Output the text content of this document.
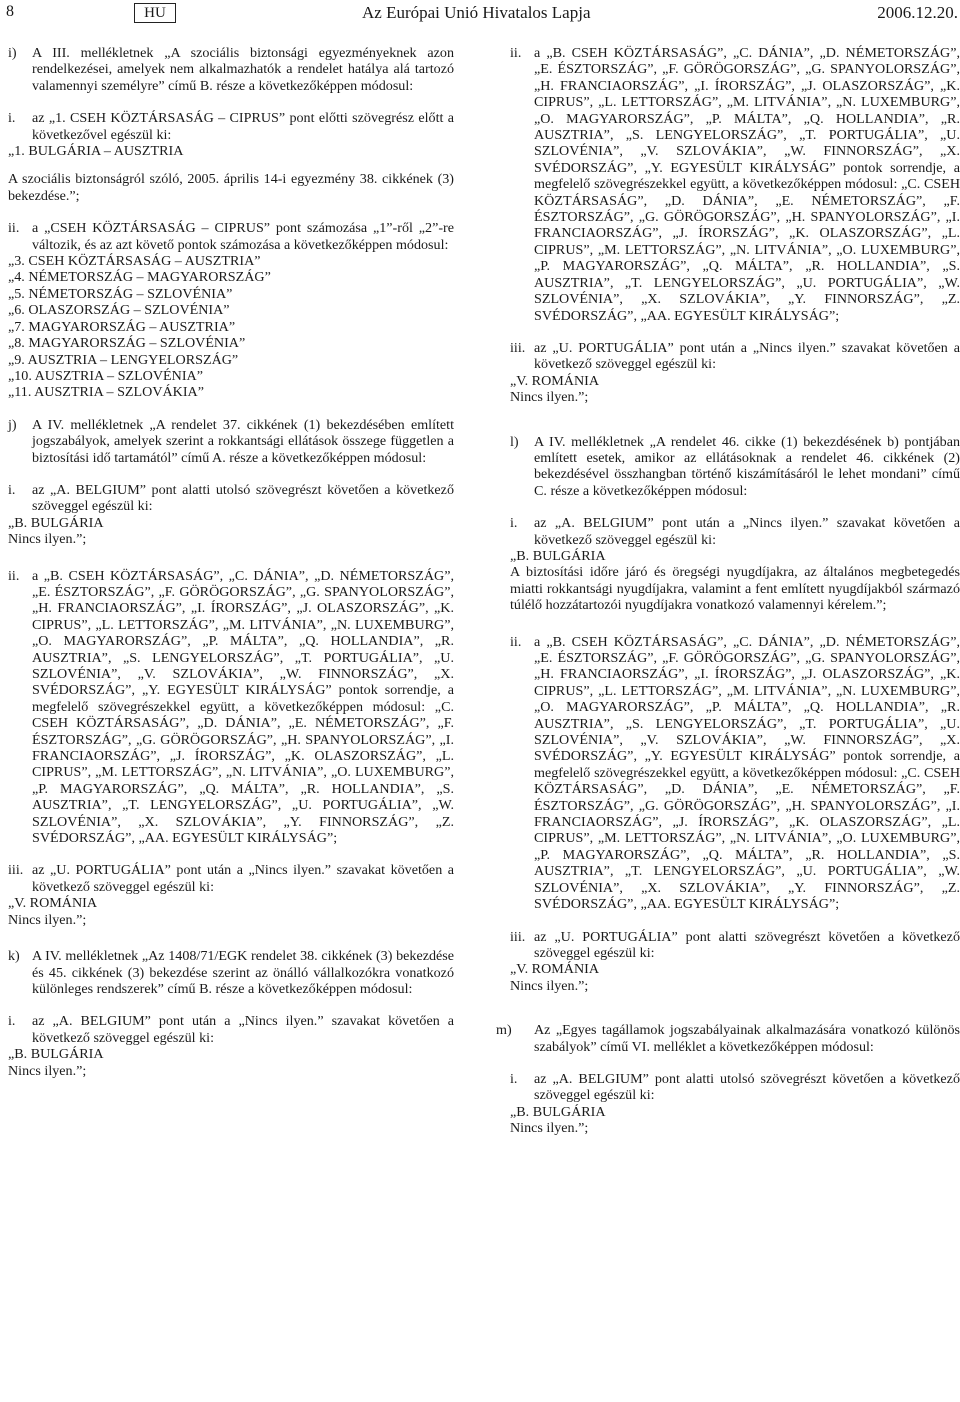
8	HU	Az Európai Unió Hivatalos Lapja	2006.12.20.
i)	A III. mellékletnek „A szociális biztonsági egyezményeknek azon rendelkezései, amelyek nem alkalmazhatók a rendelet hatálya alá tartozó valamennyi személyre” című B. része a következőképpen módosul:
i.	az „1. CSEH KÖZTÁRSASÁG – CIPRUS” pont előtti szövegrész előtt a következővel egészül ki:

„1. BULGÁRIA – AUSZTRIA

A szociális biztonságról szóló, 2005. április 14-i egyezmény 38. cikkének (3) bekezdése.”;

ii. a „CSEH KÖZTÁRSASÁG – CIPRUS” pont számozása „1”-ről „2”-re változik, és az azt követő pontok számozása a következőképpen módosul:

„3. CSEH KÖZTÁRSASÁG – AUSZTRIA”

„4. NÉMETORSZÁG – MAGYARORSZÁG”

„5. NÉMETORSZÁG – SZLOVÉNIA”

„6. OLASZORSZÁG – SZLOVÉNIA”

„7. MAGYARORSZÁG – AUSZTRIA”

„8. MAGYARORSZÁG – SZLOVÉNIA”

„9. AUSZTRIA – LENGYELORSZÁG”

„10. AUSZTRIA – SZLOVÉNIA”

„11. AUSZTRIA – SZLOVÁKIA”

j)	A IV. mellékletnek „A rendelet 37. cikkének (1) bekezdésében említett jogszabályok, amelyek szerint a rokkantsági ellátások összege független a biztosítási idő tartamától” című A. része a következőképpen módosul:
i.	az „A. BELGIUM” pont alatti utolsó szövegrészt követően a következő szöveggel egészül ki:

„B. BULGÁRIA

Nincs ilyen.”;

ii. a „B. CSEH KÖZTÁRSASÁG”, „C. DÁNIA”, „D. NÉMETORSZÁG”, „E. ÉSZTORSZÁG”, „F. GÖRÖGORSZÁG”, „G. SPANYOLORSZÁG”, „H. FRANCIAORSZÁG”, „I. ÍRORSZÁG”, „J. OLASZORSZÁG”, „K. CIPRUS”, „L. LETTORSZÁG”, „M. LITVÁNIA”, „N. LUXEMBURG”, „O. MAGYARORSZÁG”, „P. MÁLTA”, „Q. HOLLANDIA”, „R. AUSZTRIA”, „S. LENGYELORSZÁG”, „T. PORTUGÁLIA”, „U. SZLOVÉNIA”, „V. SZLOVÁKIA”, „W. FINNORSZÁG”, „X. SVÉDORSZÁG”, „Y. EGYESÜLT KIRÁLYSÁG” pontok sorrendje, a megfelelő szövegrészekkel együtt, a következőképpen módosul: „C. CSEH KÖZTÁRSASÁG”, „D. DÁNIA”, „E. NÉMETORSZÁG”, „F. ÉSZTORSZÁG”, „G. GÖRÖGORSZÁG”, „H. SPANYOLORSZÁG”, „I. FRANCIAORSZÁG”, „J. ÍRORSZÁG”, „K. OLASZORSZÁG”, „L. CIPRUS”, „M. LETTORSZÁG”, „N. LITVÁNIA”, „O. LUXEMBURG”, „P. MAGYARORSZÁG”, „Q. MÁLTA”, „R. HOLLANDIA”, „S. AUSZTRIA”, „T. LENGYELORSZÁG”, „U. PORTUGÁLIA”, „W. SZLOVÉNIA”, „X. SZLOVÁKIA”, „Y. FINNORSZÁG”, „Z. SVÉDORSZÁG”, „AA. EGYESÜLT KIRÁLYSÁG”;
iii. az „U. PORTUGÁLIA” pont után a „Nincs ilyen.” szavakat követően a következő szöveggel egészül ki:

„V. ROMÁNIA

Nincs ilyen.”;

k) A IV. mellékletnek „Az 1408/71/EGK rendelet 38. cikkének (3) bekezdése és 45. cikkének (3) bekezdése szerint az önálló vállalkozókra vonatkozó különleges rendszerek” című B. része a következőképpen módosul:
i.	az „A. BELGIUM” pont után a „Nincs ilyen.” szavakat követően a következő szöveggel egészül ki:

„B. BULGÁRIA

Nincs ilyen.”;

ii. a „B. CSEH KÖZTÁRSASÁG”, „C. DÁNIA”, „D. NÉMETORSZÁG”, „E. ÉSZTORSZÁG”, „F. GÖRÖGORSZÁG”, „G. SPANYOLORSZÁG”, „H. FRANCIAORSZÁG”, „I. ÍRORSZÁG”, „J. OLASZORSZÁG”, „K. CIPRUS”, „L. LETTORSZÁG”, „M. LITVÁNIA”, „N. LUXEMBURG”, „O. MAGYARORSZÁG”, „P. MÁLTA”, „Q. HOLLANDIA”, „R. AUSZTRIA”, „S. LENGYELORSZÁG”, „T. PORTUGÁLIA”, „U. SZLOVÉNIA”, „V. SZLOVÁKIA”, „W. FINNORSZÁG”, „X. SVÉDORSZÁG”, „Y. EGYESÜLT KIRÁLYSÁG” pontok sorrendje, a megfelelő szövegrészekkel együtt, a következőképpen módosul: „C. CSEH KÖZTÁRSASÁG”, „D. DÁNIA”, „E. NÉMETORSZÁG”, „F. ÉSZTORSZÁG”, „G. GÖRÖGORSZÁG”, „H. SPANYOLORSZÁG”, „I. FRANCIAORSZÁG”, „J. ÍRORSZÁG”, „K. OLASZORSZÁG”, „L. CIPRUS”, „M. LETTORSZÁG”, „N. LITVÁNIA”, „O. LUXEMBURG”, „P. MAGYARORSZÁG”, „Q. MÁLTA”, „R. HOLLANDIA”, „S. AUSZTRIA”, „T. LENGYELORSZÁG”, „U. PORTUGÁLIA”, „W. SZLOVÉNIA”, „X. SZLOVÁKIA”, „Y. FINNORSZÁG”, „Z. SVÉDORSZÁG”, „AA. EGYESÜLT KIRÁLYSÁG”;
iii. az „U. PORTUGÁLIA” pont után a „Nincs ilyen.” szavakat követően a következő szöveggel egészül ki:

„V. ROMÁNIA

Nincs ilyen.”;

l)	A IV. mellékletnek „A rendelet 46. cikke (1) bekezdésének b) pontjában említett esetek, amikor az ellátásoknak a rendelet 46. cikkének (2) bekezdésével összhangban történő kiszámításáról le lehet mondani” című C. része a következőképpen módosul:
i.	az „A. BELGIUM” pont után a „Nincs ilyen.” szavakat követően a következő szöveggel egészül ki:

„B. BULGÁRIA

A biztosítási időre járó és öregségi nyugdíjakra, az általános megbetegedés miatti rokkantsági nyugdíjakra, valamint a fent említett nyugdíjakból származó túlélő hozzátartozói nyugdíjakra vonatkozó valamennyi kérelem.”;

ii. a „B. CSEH KÖZTÁRSASÁG”, „C. DÁNIA”, „D. NÉMETORSZÁG”, „E. ÉSZTORSZÁG”, „F. GÖRÖGORSZÁG”, „G. SPANYOLORSZÁG”, „H. FRANCIAORSZÁG”, „I. ÍRORSZÁG”, „J. OLASZORSZÁG”, „K. CIPRUS”, „L. LETTORSZÁG”, „M. LITVÁNIA”, „N. LUXEMBURG”, „O. MAGYARORSZÁG”, „P. MÁLTA”, „Q. HOLLANDIA”, „R. AUSZTRIA”, „S. LENGYELORSZÁG”, „T. PORTUGÁLIA”, „U. SZLOVÉNIA”, „V. SZLOVÁKIA”, „W. FINNORSZÁG”, „X. SVÉDORSZÁG”, „Y. EGYESÜLT KIRÁLYSÁG” pontok sorrendje, a megfelelő szövegrészekkel együtt, a következőképpen módosul: „C. CSEH KÖZTÁRSASÁG”, „D. DÁNIA”, „E. NÉMETORSZÁG”, „F. ÉSZTORSZÁG”, „G. GÖRÖGORSZÁG”, „H. SPANYOLORSZÁG”, „I. FRANCIAORSZÁG”, „J. ÍRORSZÁG”, „K. OLASZORSZÁG”, „L. CIPRUS”, „M. LETTORSZÁG”, „N. LITVÁNIA”, „O. LUXEMBURG”, „P. MAGYARORSZÁG”, „Q. MÁLTA”, „R. HOLLANDIA”, „S. AUSZTRIA”, „T. LENGYELORSZÁG”, „U. PORTUGÁLIA”, „W. SZLOVÉNIA”, „X. SZLOVÁKIA”, „Y. FINNORSZÁG”, „Z. SVÉDORSZÁG”, „AA. EGYESÜLT KIRÁLYSÁG”;
iii. az „U. PORTUGÁLIA” pont alatti szövegrészt követően a következő szöveggel egészül ki:

„V. ROMÁNIA

Nincs ilyen.”;

m)	Az „Egyes tagállamok jogszabályainak alkalmazására vonatkozó különös szabályok” című VI. melléklet a következőképpen módosul:
i.	az „A. BELGIUM” pont alatti utolsó szövegrészt követően a következő szöveggel egészül ki:

„B. BULGÁRIA

Nincs ilyen.”;
